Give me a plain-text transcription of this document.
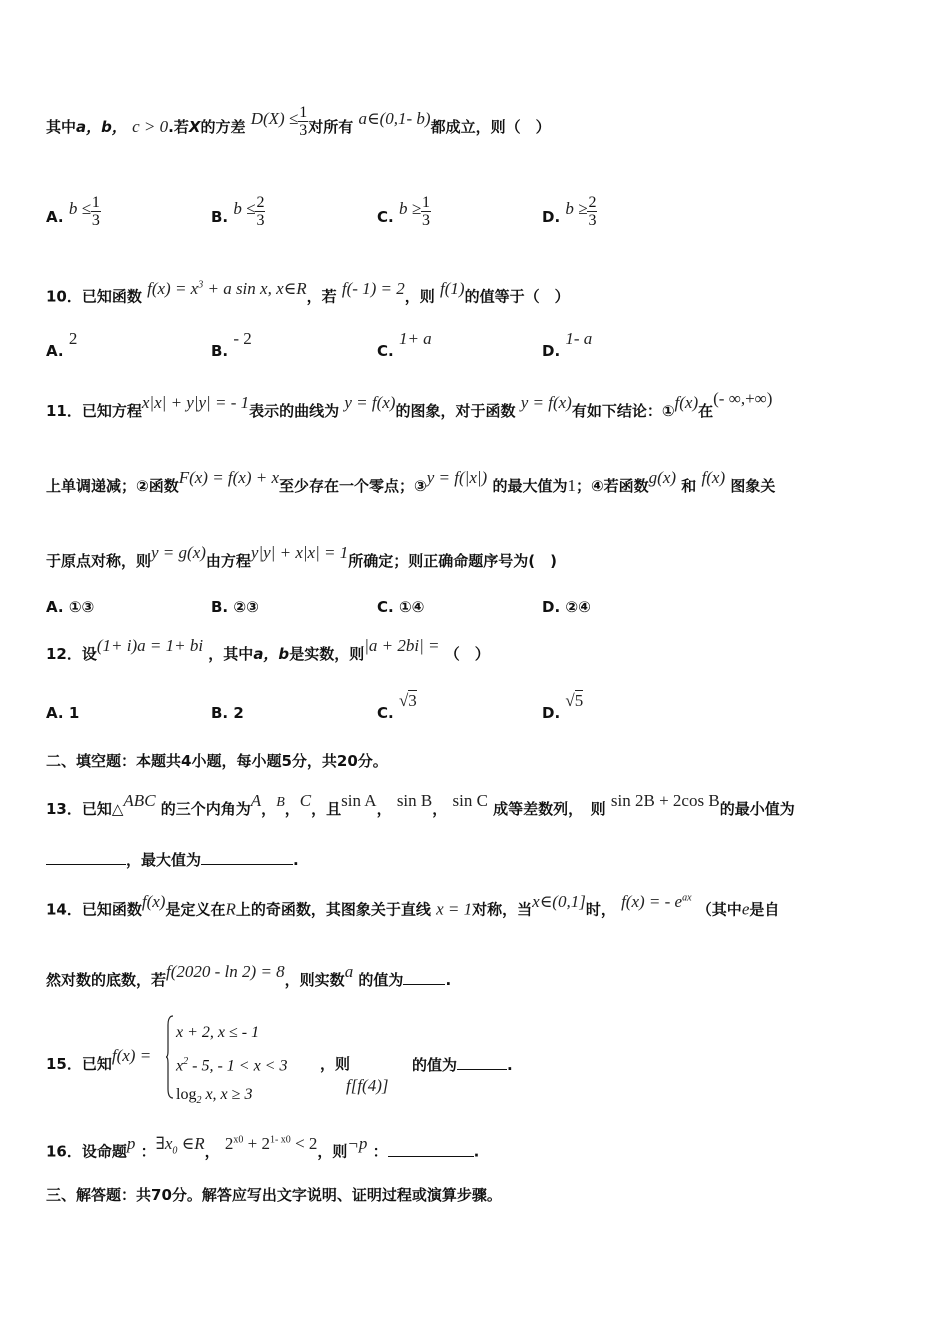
其中a，b， c > 0.若X的方差 $D(X) \le \frac{1}{3}$ 对所有 a∈(0,1- b)都成立，则（　）
A. $b \le \frac{1}{3}$	B. $b \le \frac{2}{3}$	C. $b \ge \frac{1}{3}$	D. $b \ge \frac{2}{3}$
10．已知函数 $f(x) = x^3 + a$ sin x, x∈R，若 f(- 1) = 2，则 f(1)的值等于（　）
A. 2
B. - 2
C. 1+ a
D. 1- a
11．已知方程x|x| + y|y| = - 1表示的曲线为 y = f(x)的图象，对于函数 y = f(x)有如下结论：①f(x)在(- ∞,+∞)
上单调递减；②函数F(x) = f(x) + x至少存在一个零点；③y = f(|x|) 的最大值为1；④若函数g(x) 和 f(x) 图象关
于原点对称，则y = g(x)由方程y|y| + x|x| = 1所确定；则正确命题序号为(　)
A. ①③	B. ②③	C. ①④	D. ②④
12．设(1+ i)a = 1+ bi ，其中a，b是实数，则|a + 2bi| = （　）
A. 1	B. 2	C. √3
D. √5
二、填空题：本题共4小题，每小题5分，共20分。
13．已知△ABC 的三个内角为A，B，C，且sin A， sin B， sin C 成等差数列，　则 sin 2B + 2cos B的最小值为
，最大值为	.
14．已知函数f(x)是定义在R上的奇函数，其图象关于直线 x = 1对称，当x∈(0,1]时， f(x) = - $e^{ax}$ （其中e是自
然对数的底数，若f(2020 - ln 2) = 8，则实数a 的值为	.
15．已知f(x) =
x + 2, x ≤ - 1
$x^2 - 5$, - 1 < x < 3
$\log_2 x$, x ≥ 3
，则
f[f(4)]
的值为	.
16．设命题p ：$\exists x_0$ ∈R， $2^{x0} + 2^{1- x0} < 2$，则¬p ：	.
三、解答题：共70分。解答应写出文字说明、证明过程或演算步骤。
